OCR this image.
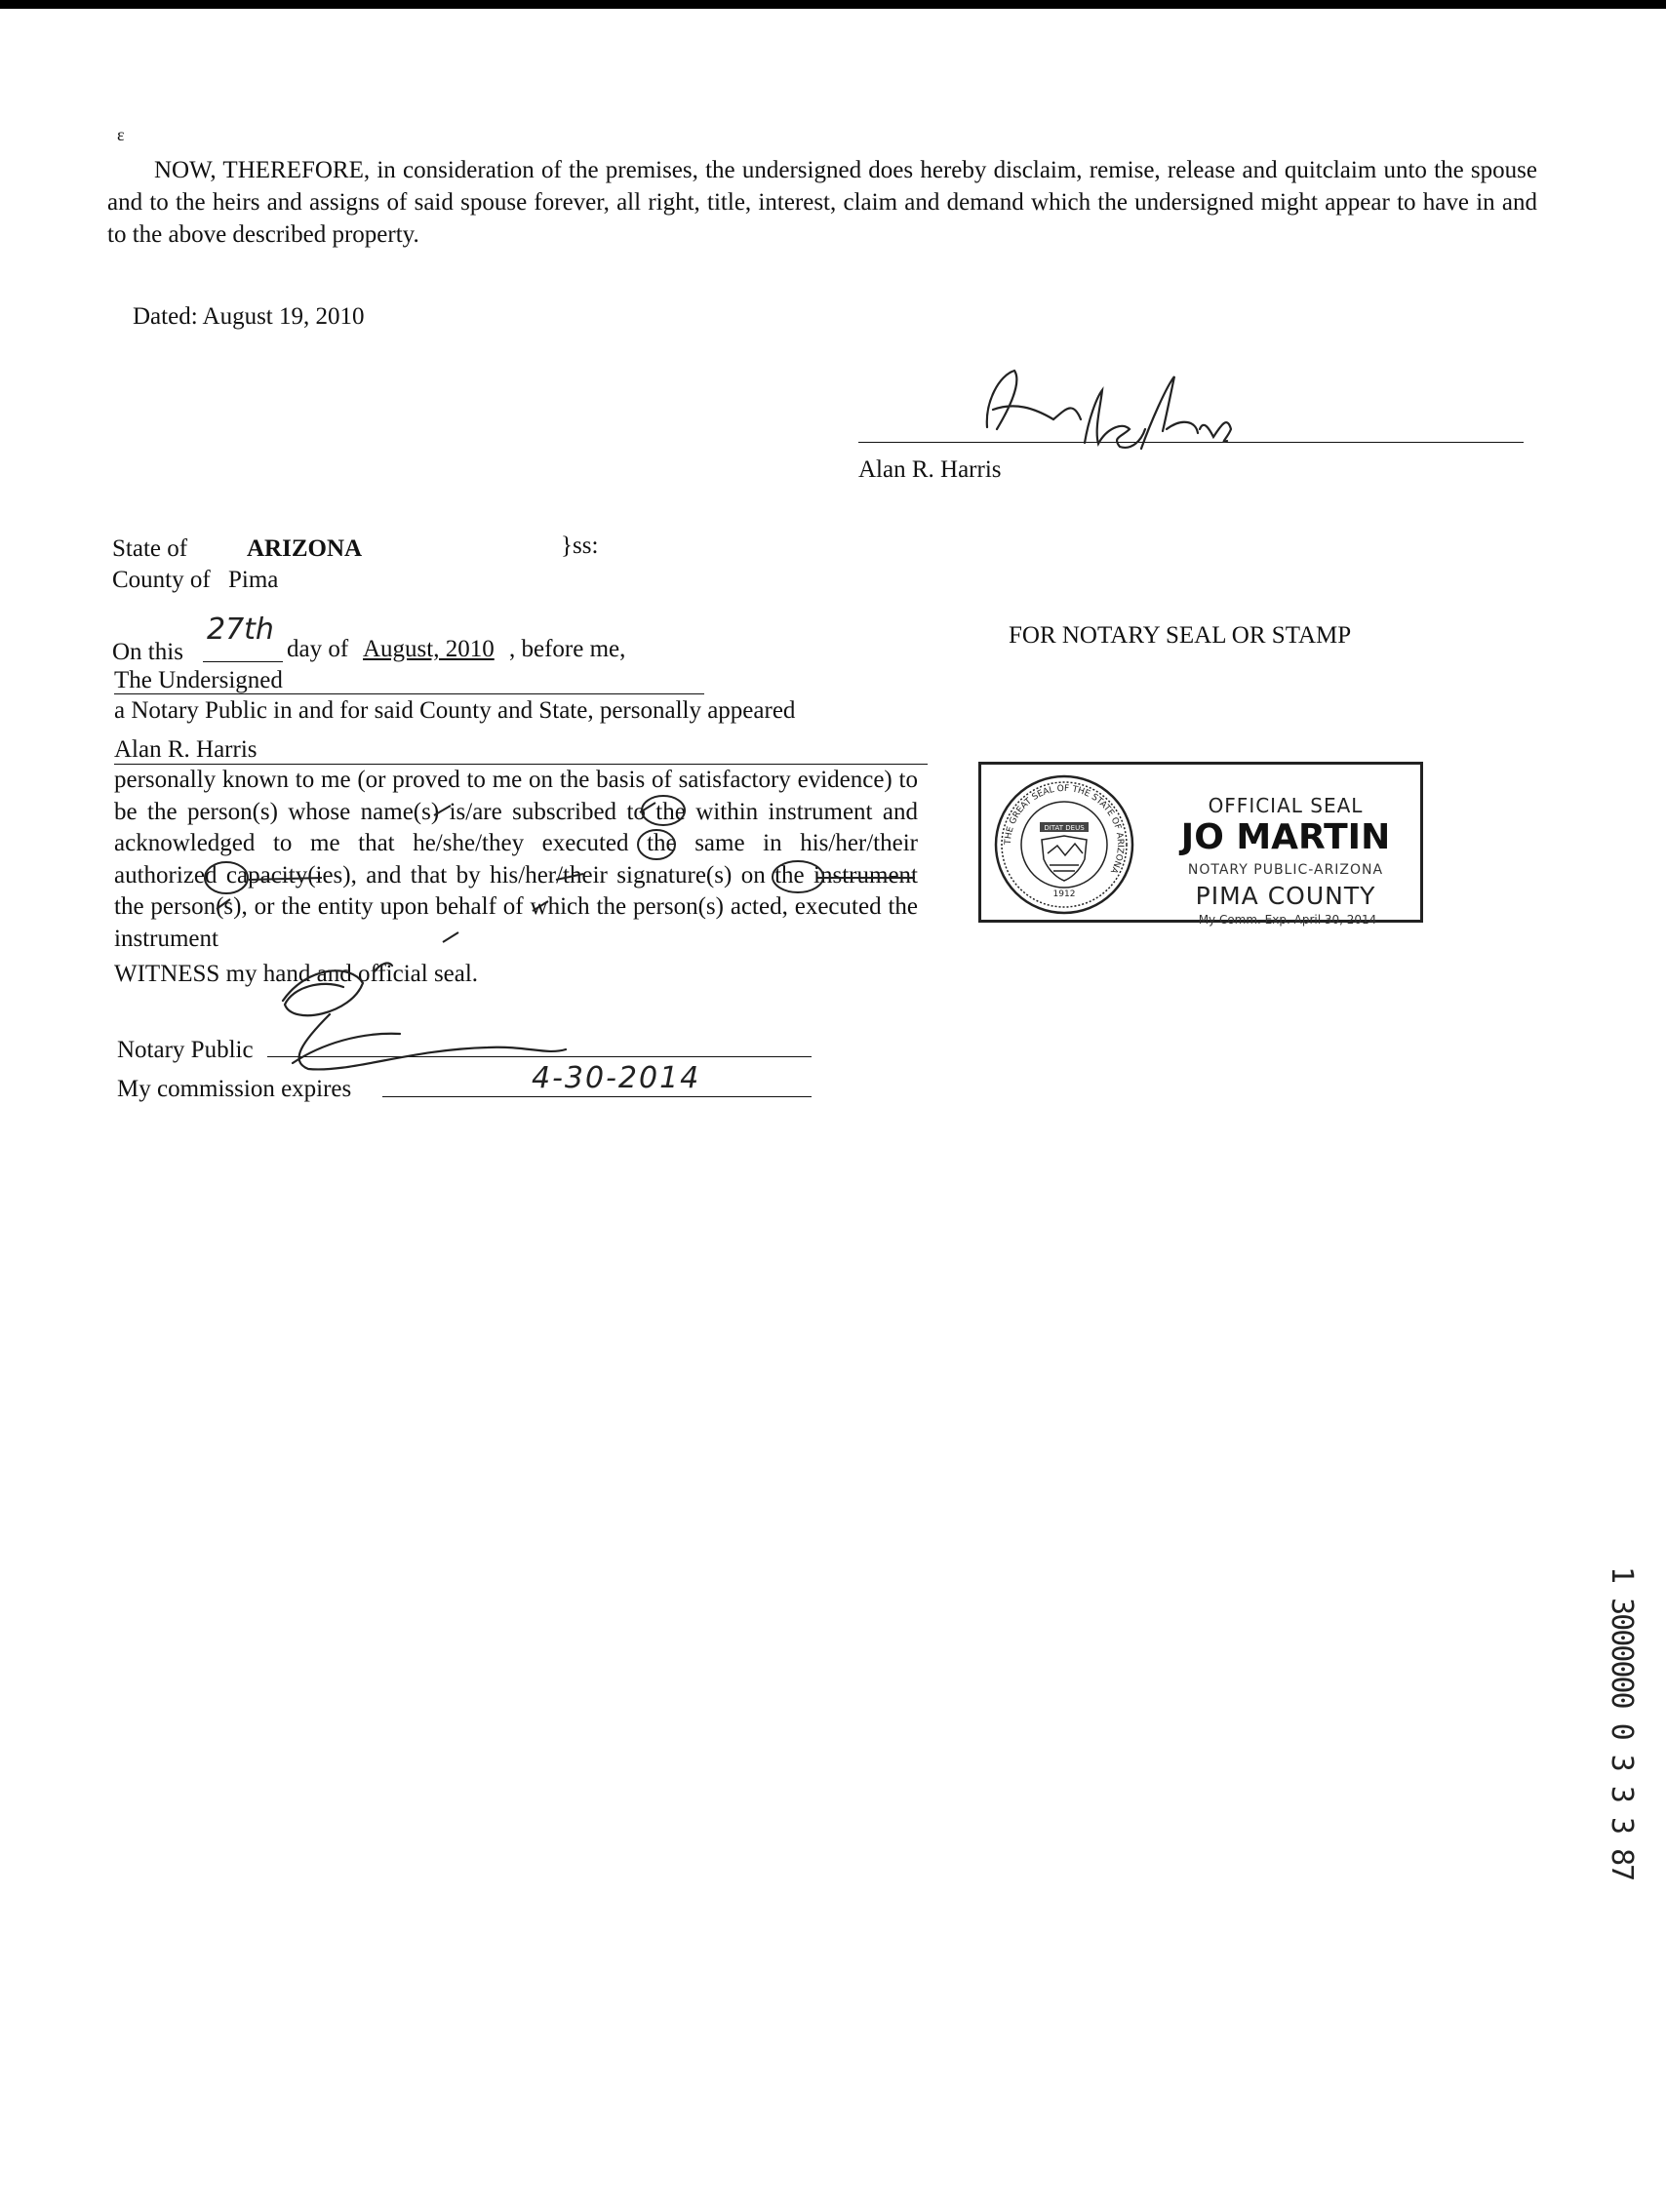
ε
NOW, THEREFORE, in consideration of the premises, the undersigned does hereby disclaim, remise, release and quitclaim unto the spouse and to the heirs and assigns of said spouse forever, all right, title, interest, claim and demand which the undersigned might appear to have in and to the above described property.
Dated: August 19, 2010
Alan R. Harris
State of ARIZONA	}ss:
County of Pima
On this
27th
day of August, 2010 , before me,
FOR NOTARY SEAL OR STAMP
The Undersigned
a Notary Public in and for said County and State, personally appeared
Alan R. Harris
personally known to me (or proved to me on the basis of satisfactory evidence) to be the person(s) whose name(s) is/are subscribed to the within instrument and acknowledged to me that he/she/they executed the same in his/her/their authorized capacity(ies), and that by his/her/their signature(s) on the instrument the person(s), or the entity upon behalf of which the person(s) acted, executed the instrument
WITNESS my hand and official seal.
Notary Public
My commission expires	4-30-2014
THE GREAT SEAL OF THE STATE OF ARIZONA
DITAT DEUS
1912
OFFICIAL SEAL
JO MARTIN
NOTARY PUBLIC-ARIZONA
PIMA COUNTY
My Comm. Exp. April 30, 2014
1 3000000 0 3 3 3 87
